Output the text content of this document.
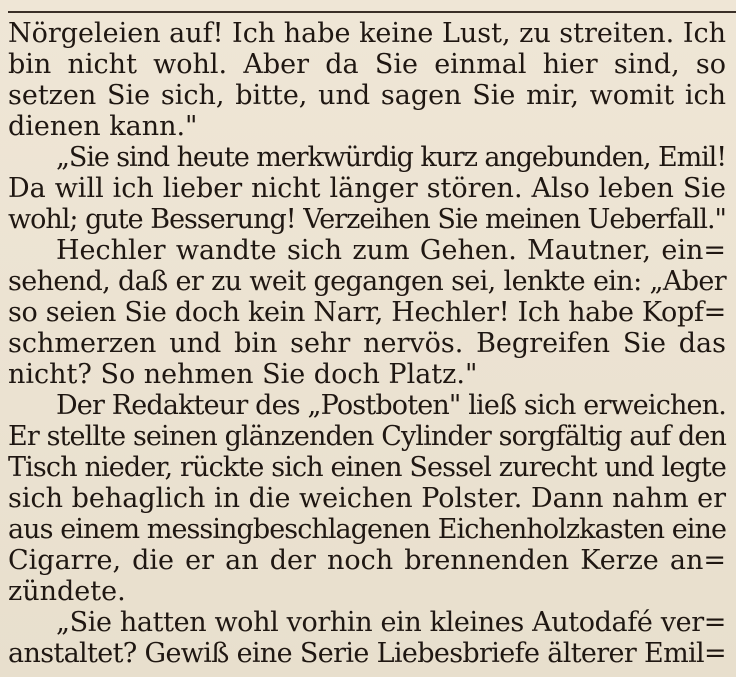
Nörgeleien auf! Ich habe keine Lust, zu streiten. Ich
bin nicht wohl. Aber da Sie einmal hier sind, so
setzen Sie sich, bitte, und sagen Sie mir, womit ich
dienen kann."
„Sie sind heute merkwürdig kurz angebunden, Emil!
Da will ich lieber nicht länger stören. Also leben Sie
wohl; gute Besserung! Verzeihen Sie meinen Ueberfall."
Hechler wandte sich zum Gehen. Mautner, ein=
sehend, daß er zu weit gegangen sei, lenkte ein: „Aber
so seien Sie doch kein Narr, Hechler! Ich habe Kopf=
schmerzen und bin sehr nervös. Begreifen Sie das
nicht? So nehmen Sie doch Platz."
Der Redakteur des „Postboten" ließ sich erweichen.
Er stellte seinen glänzenden Cylinder sorgfältig auf den
Tisch nieder, rückte sich einen Sessel zurecht und legte
sich behaglich in die weichen Polster. Dann nahm er
aus einem messingbeschlagenen Eichenholzkasten eine
Cigarre, die er an der noch brennenden Kerze an=
zündete.
„Sie hatten wohl vorhin ein kleines Autodafé ver=
anstaltet? Gewiß eine Serie Liebesbriefe älterer Emil=
